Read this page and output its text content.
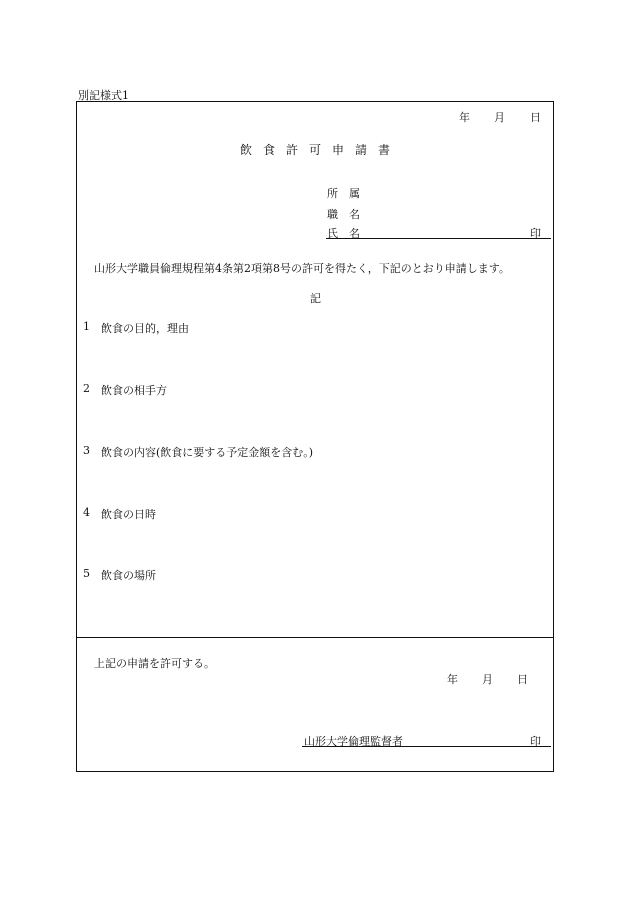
別記様式1
年 月 日
飲食許可申請書
所　属
職　名
氏　名	印
山形大学職員倫理規程第4条第2項第8号の許可を得たく，下記のとおり申請します。
記
1 飲食の目的，理由
2 飲食の相手方
3 飲食の内容(飲食に要する予定金額を含む。)
4 飲食の日時
5 飲食の場所
上記の申請を許可する。
年 月 日
山形大学倫理監督者	印
